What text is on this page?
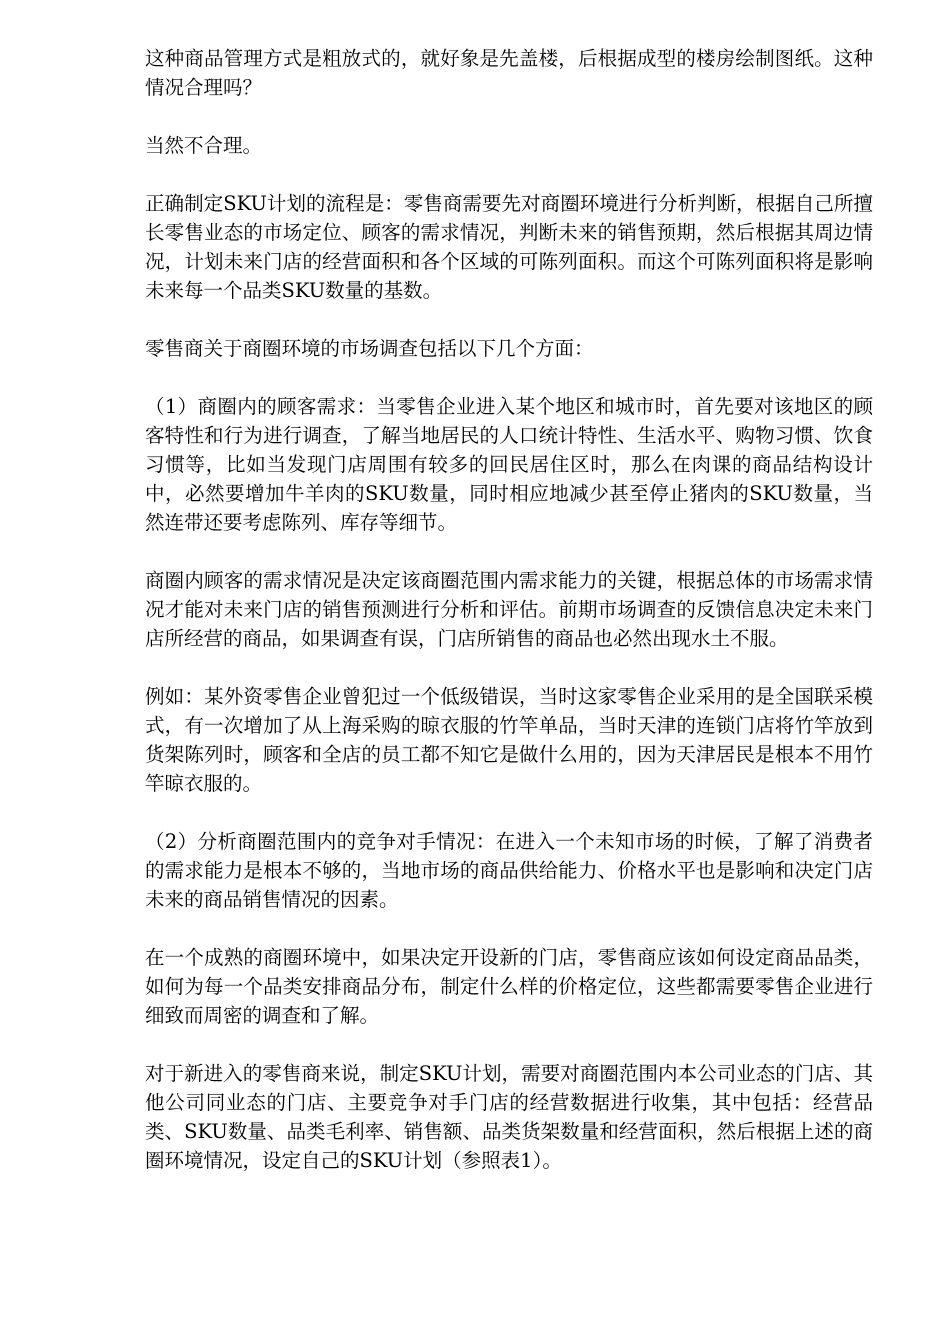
这种商品管理方式是粗放式的，就好象是先盖楼，后根据成型的楼房绘制图纸。这种情况合理吗？

当然不合理。

正确制定SKU计划的流程是：零售商需要先对商圈环境进行分析判断，根据自己所擅长零售业态的市场定位、顾客的需求情况，判断未来的销售预期，然后根据其周边情况，计划未来门店的经营面积和各个区域的可陈列面积。而这个可陈列面积将是影响未来每一个品类SKU数量的基数。

零售商关于商圈环境的市场调查包括以下几个方面：

（1）商圈内的顾客需求：当零售企业进入某个地区和城市时，首先要对该地区的顾客特性和行为进行调查，了解当地居民的人口统计特性、生活水平、购物习惯、饮食习惯等，比如当发现门店周围有较多的回民居住区时，那么在肉课的商品结构设计中，必然要增加牛羊肉的SKU数量，同时相应地减少甚至停止猪肉的SKU数量，当然连带还要考虑陈列、库存等细节。

商圈内顾客的需求情况是决定该商圈范围内需求能力的关键，根据总体的市场需求情况才能对未来门店的销售预测进行分析和评估。前期市场调查的反馈信息决定未来门店所经营的商品，如果调查有误，门店所销售的商品也必然出现水土不服。

例如：某外资零售企业曾犯过一个低级错误，当时这家零售企业采用的是全国联采模式，有一次增加了从上海采购的晾衣服的竹竿单品，当时天津的连锁门店将竹竿放到货架陈列时，顾客和全店的员工都不知它是做什么用的，因为天津居民是根本不用竹竿晾衣服的。

（2）分析商圈范围内的竞争对手情况：在进入一个未知市场的时候，了解了消费者的需求能力是根本不够的，当地市场的商品供给能力、价格水平也是影响和决定门店未来的商品销售情况的因素。

在一个成熟的商圈环境中，如果决定开设新的门店，零售商应该如何设定商品品类，如何为每一个品类安排商品分布，制定什么样的价格定位，这些都需要零售企业进行细致而周密的调查和了解。

对于新进入的零售商来说，制定SKU计划，需要对商圈范围内本公司业态的门店、其他公司同业态的门店、主要竞争对手门店的经营数据进行收集，其中包括：经营品类、SKU数量、品类毛利率、销售额、品类货架数量和经营面积，然后根据上述的商圈环境情况，设定自己的SKU计划（参照表1）。
